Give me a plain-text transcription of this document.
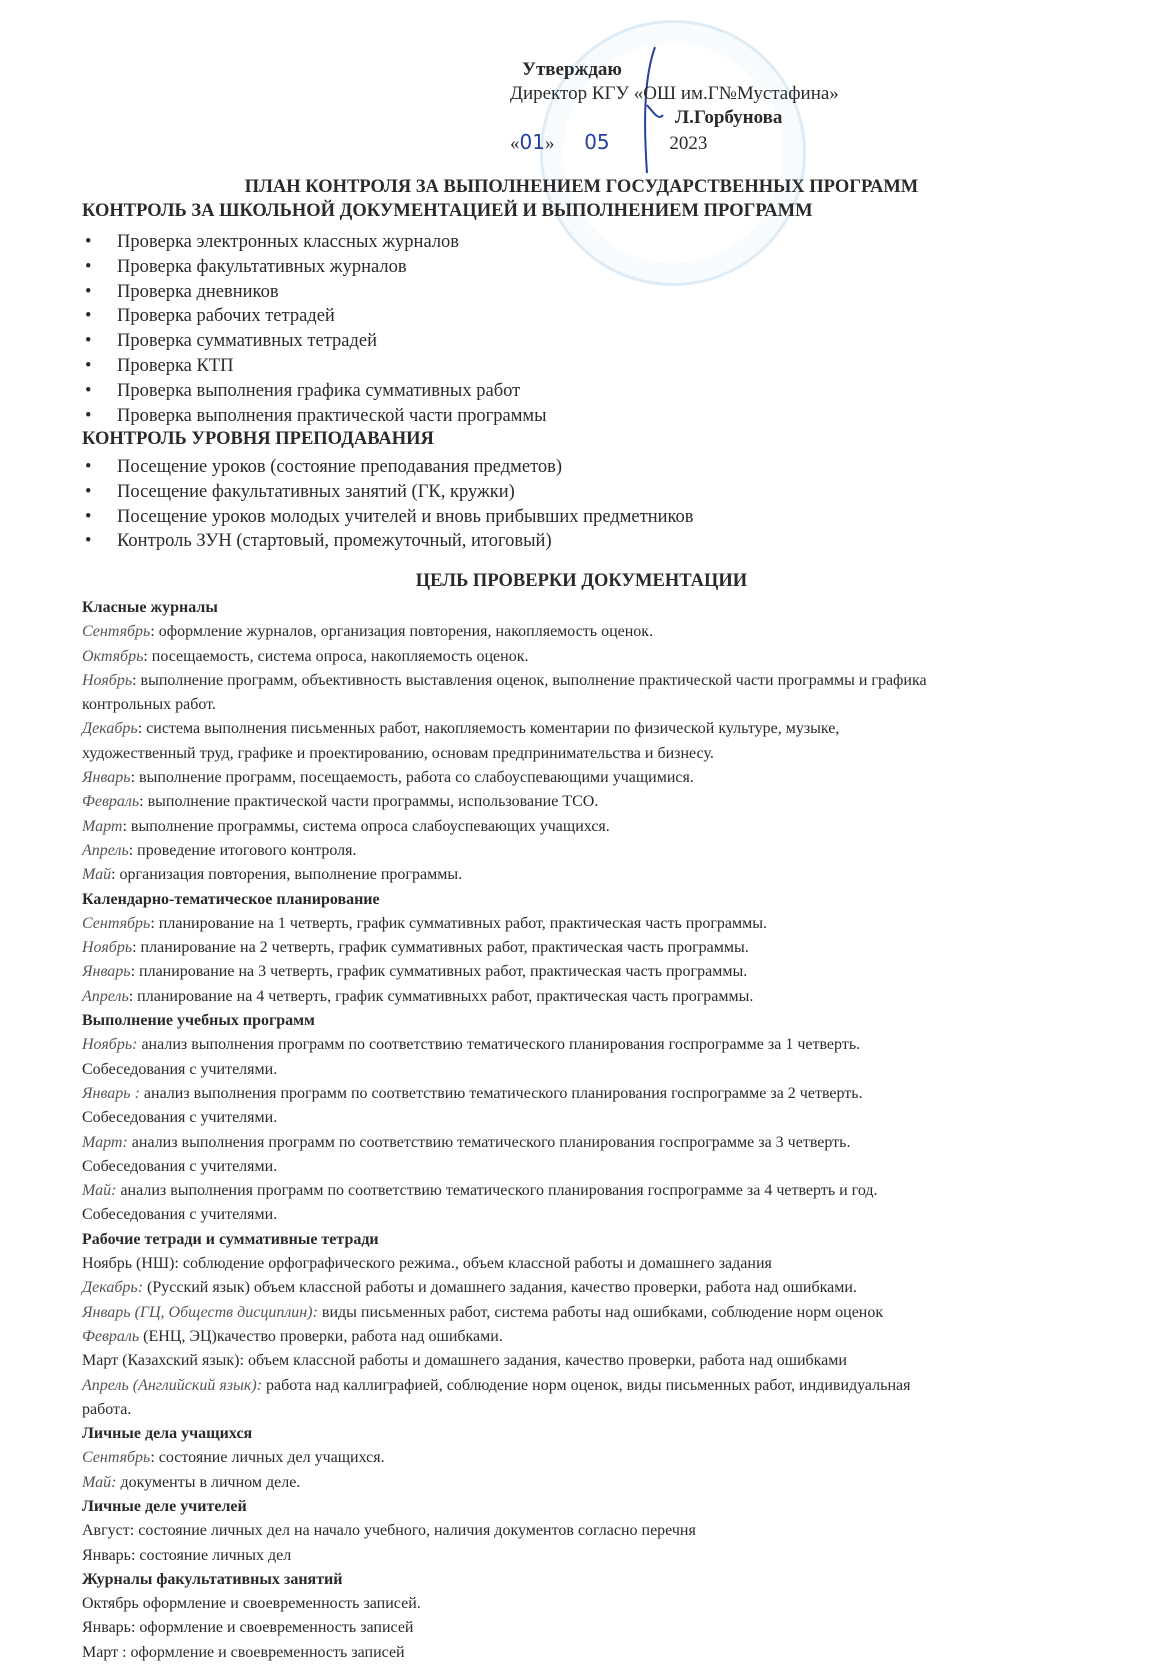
Утверждаю
Директор КГУ «ОШ им.Г№Мустафина»
Л.Горбунова
«01» 05	2023
ПЛАН КОНТРОЛЯ ЗА ВЫПОЛНЕНИЕМ ГОСУДАРСТВЕННЫХ ПРОГРАММ
КОНТРОЛЬ ЗА ШКОЛЬНОЙ ДОКУМЕНТАЦИЕЙ И ВЫПОЛНЕНИЕМ ПРОГРАММ
• Проверка электронных классных журналов
• Проверка факультативных журналов
• Проверка дневников
• Проверка рабочих тетрадей
• Проверка суммативных тетрадей
• Проверка КТП
• Проверка выполнения графика суммативных работ
• Проверка выполнения практической части программы
КОНТРОЛЬ УРОВНЯ ПРЕПОДАВАНИЯ
• Посещение уроков (состояние преподавания предметов)
• Посещение факультативных занятий (ГК, кружки)
• Посещение уроков молодых учителей и вновь прибывших предметников
• Контроль ЗУН (стартовый, промежуточный, итоговый)
ЦЕЛЬ ПРОВЕРКИ ДОКУМЕНТАЦИИ
Класные журналы
Сентябрь: оформление журналов, организация повторения, накопляемость оценок.
Октябрь: посещаемость, система опроса, накопляемость оценок.
Ноябрь: выполнение программ, объективность выставления оценок, выполнение практической части программы и графика
контрольных работ.
Декабрь: система выполнения письменных работ, накопляемость коментарии по физической культуре, музыке,
художественный труд, графике и проектированию, основам предпринимательства и бизнесу.
Январь: выполнение программ, посещаемость, работа со слабоуспевающими учащимися.
Февраль: выполнение практической части программы, использование ТСО.
Март: выполнение программы, система опроса слабоуспевающих учащихся.
Апрель: проведение итогового контроля.
Май: организация повторения, выполнение программы.
Календарно-тематическое планирование
Сентябрь: планирование на 1 четверть, график суммативных работ, практическая часть программы.
Ноябрь: планирование на 2 четверть, график суммативных работ, практическая часть программы.
Январь: планирование на 3 четверть, график суммативных работ, практическая часть программы.
Апрель: планирование на 4 четверть, график суммативныхх работ, практическая часть программы.
Выполнение учебных программ
Ноябрь: анализ выполнения программ по соответствию тематического планирования госпрограмме за 1 четверть.
Собеседования с учителями.
Январь : анализ выполнения программ по соответствию тематического планирования госпрограмме за 2 четверть.
Собеседования с учителями.
Март: анализ выполнения программ по соответствию тематического планирования госпрограмме за 3 четверть.
Собеседования с учителями.
Май: анализ выполнения программ по соответствию тематического планирования госпрограмме за 4 четверть и год.
Собеседования с учителями.
Рабочие тетради и суммативные тетради
Ноябрь (НШ): соблюдение орфографического режима., объем классной работы и домашнего задания
Декабрь: (Русский язык) объем классной работы и домашнего задания, качество проверки, работа над ошибками.
Январь (ГЦ, Обществ дисциплин): виды письменных работ, система работы над ошибками, соблюдение норм оценок
Февраль (ЕНЦ, ЭЦ)качество проверки, работа над ошибками.
Март (Казахский язык): объем классной работы и домашнего задания, качество проверки, работа над ошибками
Апрель (Английский язык): работа над каллиграфией, соблюдение норм оценок, виды письменных работ, индивидуальная
работа.
Личные дела учащихся
Сентябрь: состояние личных дел учащихся.
Май: документы в личном деле.
Личные деле учителей
Август: состояние личных дел на начало учебного, наличия документов согласно перечня
Январь: состояние личных дел
Журналы факультативных занятий
Октябрь оформление и своевременность записей.
Январь: оформление и своевременность записей
Март : оформление и своевременность записей
